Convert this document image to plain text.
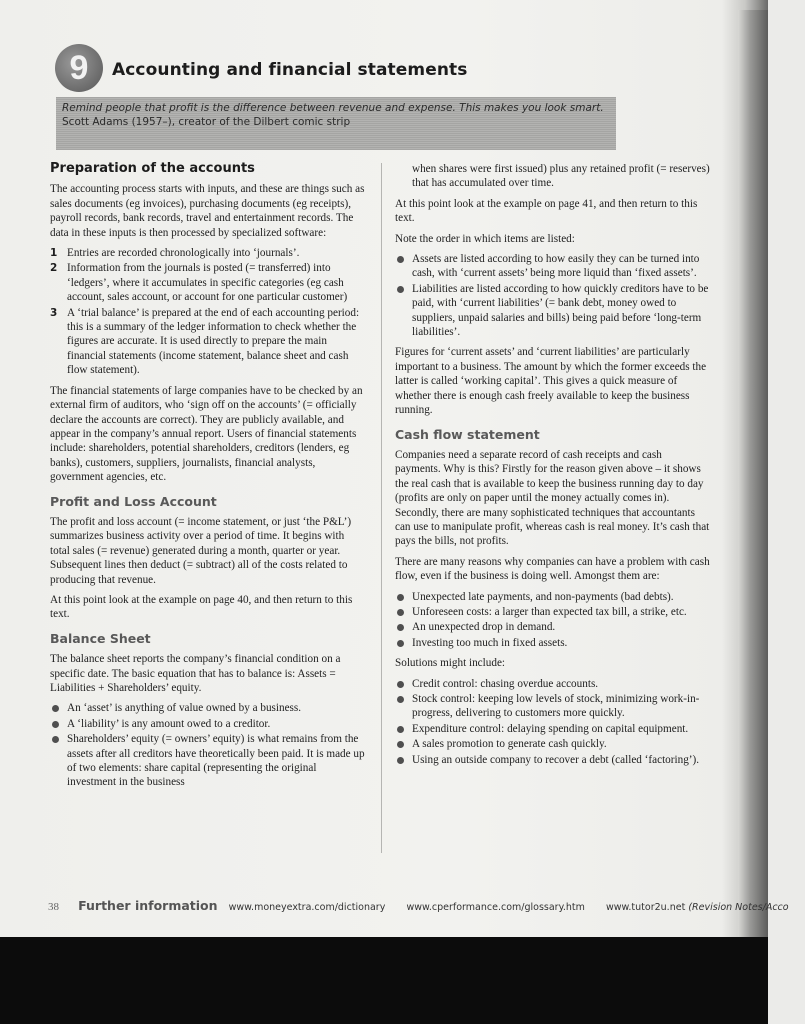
9	Accounting and financial statements
Remind people that profit is the difference between revenue and expense. This makes you look smart.
Scott Adams (1957–), creator of the Dilbert comic strip
Preparation of the accounts

The accounting process starts with inputs, and these are things such as sales documents (eg invoices), purchasing documents (eg receipts), payroll records, bank records, travel and entertainment records. The data in these inputs is then processed by specialized software:

1 Entries are recorded chronologically into ‘journals’.
2 Information from the journals is posted (= transferred) into ‘ledgers’, where it accumulates in specific categories (eg cash account, sales account, or account for one particular customer)
3 A ‘trial balance’ is prepared at the end of each accounting period: this is a summary of the ledger information to check whether the figures are accurate. It is used directly to prepare the main financial statements (income statement, balance sheet and cash flow statement).

The financial statements of large companies have to be checked by an external firm of auditors, who ‘sign off on the accounts’ (= officially declare the accounts are correct). They are publicly available, and appear in the company’s annual report. Users of financial statements include: shareholders, potential shareholders, creditors (lenders, eg banks), customers, suppliers, journalists, financial analysts, government agencies, etc.

Profit and Loss Account

The profit and loss account (= income statement, or just ‘the P&L’) summarizes business activity over a period of time. It begins with total sales (= revenue) generated during a month, quarter or year. Subsequent lines then deduct (= subtract) all of the costs related to producing that revenue.

At this point look at the example on page 40, and then return to this text.

Balance Sheet

The balance sheet reports the company’s financial condition on a specific date. The basic equation that has to balance is: Assets = Liabilities + Shareholders’ equity.

An ‘asset’ is anything of value owned by a business.
A ‘liability’ is any amount owed to a creditor.
Shareholders’ equity (= owners’ equity) is what remains from the assets after all creditors have theoretically been paid. It is made up of two elements: share capital (representing the original investment in the business

when shares were first issued) plus any retained profit (= reserves) that has accumulated over time.

At this point look at the example on page 41, and then return to this text.

Note the order in which items are listed:

Assets are listed according to how easily they can be turned into cash, with ‘current assets’ being more liquid than ‘fixed assets’.
Liabilities are listed according to how quickly creditors have to be paid, with ‘current liabilities’ (= bank debt, money owed to suppliers, unpaid salaries and bills) being paid before ‘long-term liabilities’.

Figures for ‘current assets’ and ‘current liabilities’ are particularly important to a business. The amount by which the former exceeds the latter is called ‘working capital’. This gives a quick measure of whether there is enough cash freely available to keep the business running.

Cash flow statement

Companies need a separate record of cash receipts and cash payments. Why is this? Firstly for the reason given above – it shows the real cash that is available to keep the business running day to day (profits are only on paper until the money actually comes in). Secondly, there are many sophisticated techniques that accountants can use to manipulate profit, whereas cash is real money. It’s cash that pays the bills, not profits.

There are many reasons why companies can have a problem with cash flow, even if the business is doing well. Amongst them are:

Unexpected late payments, and non-payments (bad debts).
Unforeseen costs: a larger than expected tax bill, a strike, etc.
An unexpected drop in demand.
Investing too much in fixed assets.

Solutions might include:

Credit control: chasing overdue accounts.
Stock control: keeping low levels of stock, minimizing work-in-progress, delivering to customers more quickly.
Expenditure control: delaying spending on capital equipment.
A sales promotion to generate cash quickly.
Using an outside company to recover a debt (called ‘factoring’).
38 Further information www.moneyextra.com/dictionary www.cperformance.com/glossary.htm www.tutor2u.net (Revision Notes/Acco
